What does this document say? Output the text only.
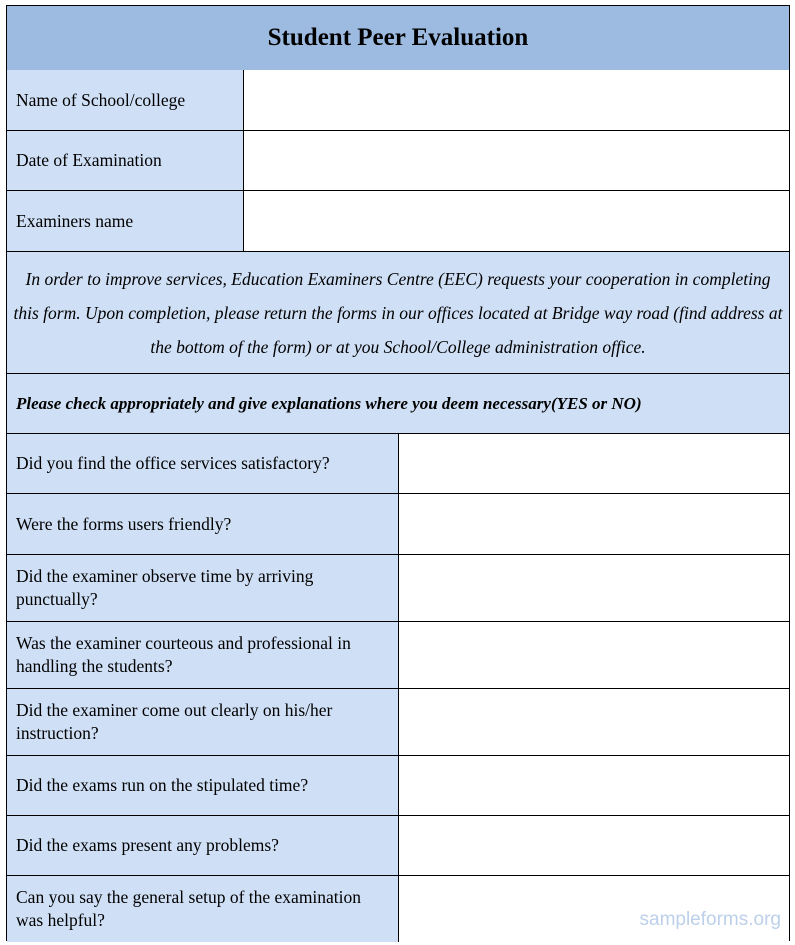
Student Peer Evaluation
Name of School/college
Date of Examination
Examiners name
In order to improve services, Education Examiners Centre (EEC) requests your cooperation in completing this form. Upon completion, please return the forms in our offices located at Bridge way road (find address at the bottom of the form) or at you School/College administration office.
Please check appropriately and give explanations where you deem necessary(YES or NO)
Did you find the office services satisfactory?
Were the forms users friendly?
Did the examiner observe time by arriving punctually?
Was the examiner courteous and professional in handling the students?
Did the examiner come out clearly on his/her instruction?
Did the exams run on the stipulated time?
Did the exams present any problems?
Can you say the general setup of the examination was helpful?	sampleforms.org
